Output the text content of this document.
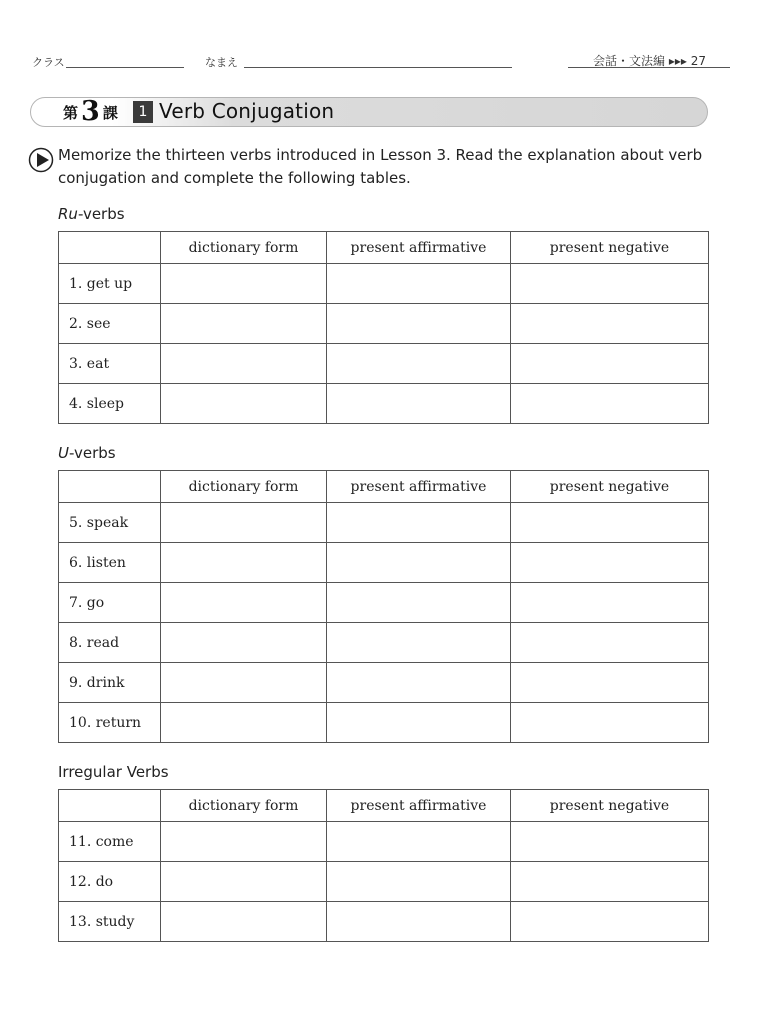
クラス	なまえ	会話・文法編 ▸▸▸ 27
第 3 課	1 Verb Conjugation

Memorize the thirteen verbs introduced in Lesson 3. Read the explanation about verb conjugation and complete the following tables.

Ru-verbs
	dictionary form	present affirmative	present negative
1. get up			
2. see			
3. eat			
4. sleep			
U-verbs
	dictionary form	present affirmative	present negative
5. speak			
6. listen			
7. go			
8. read			
9. drink			
10. return			
Irregular Verbs
	dictionary form	present affirmative	present negative
11. come			
12. do			
13. study			
